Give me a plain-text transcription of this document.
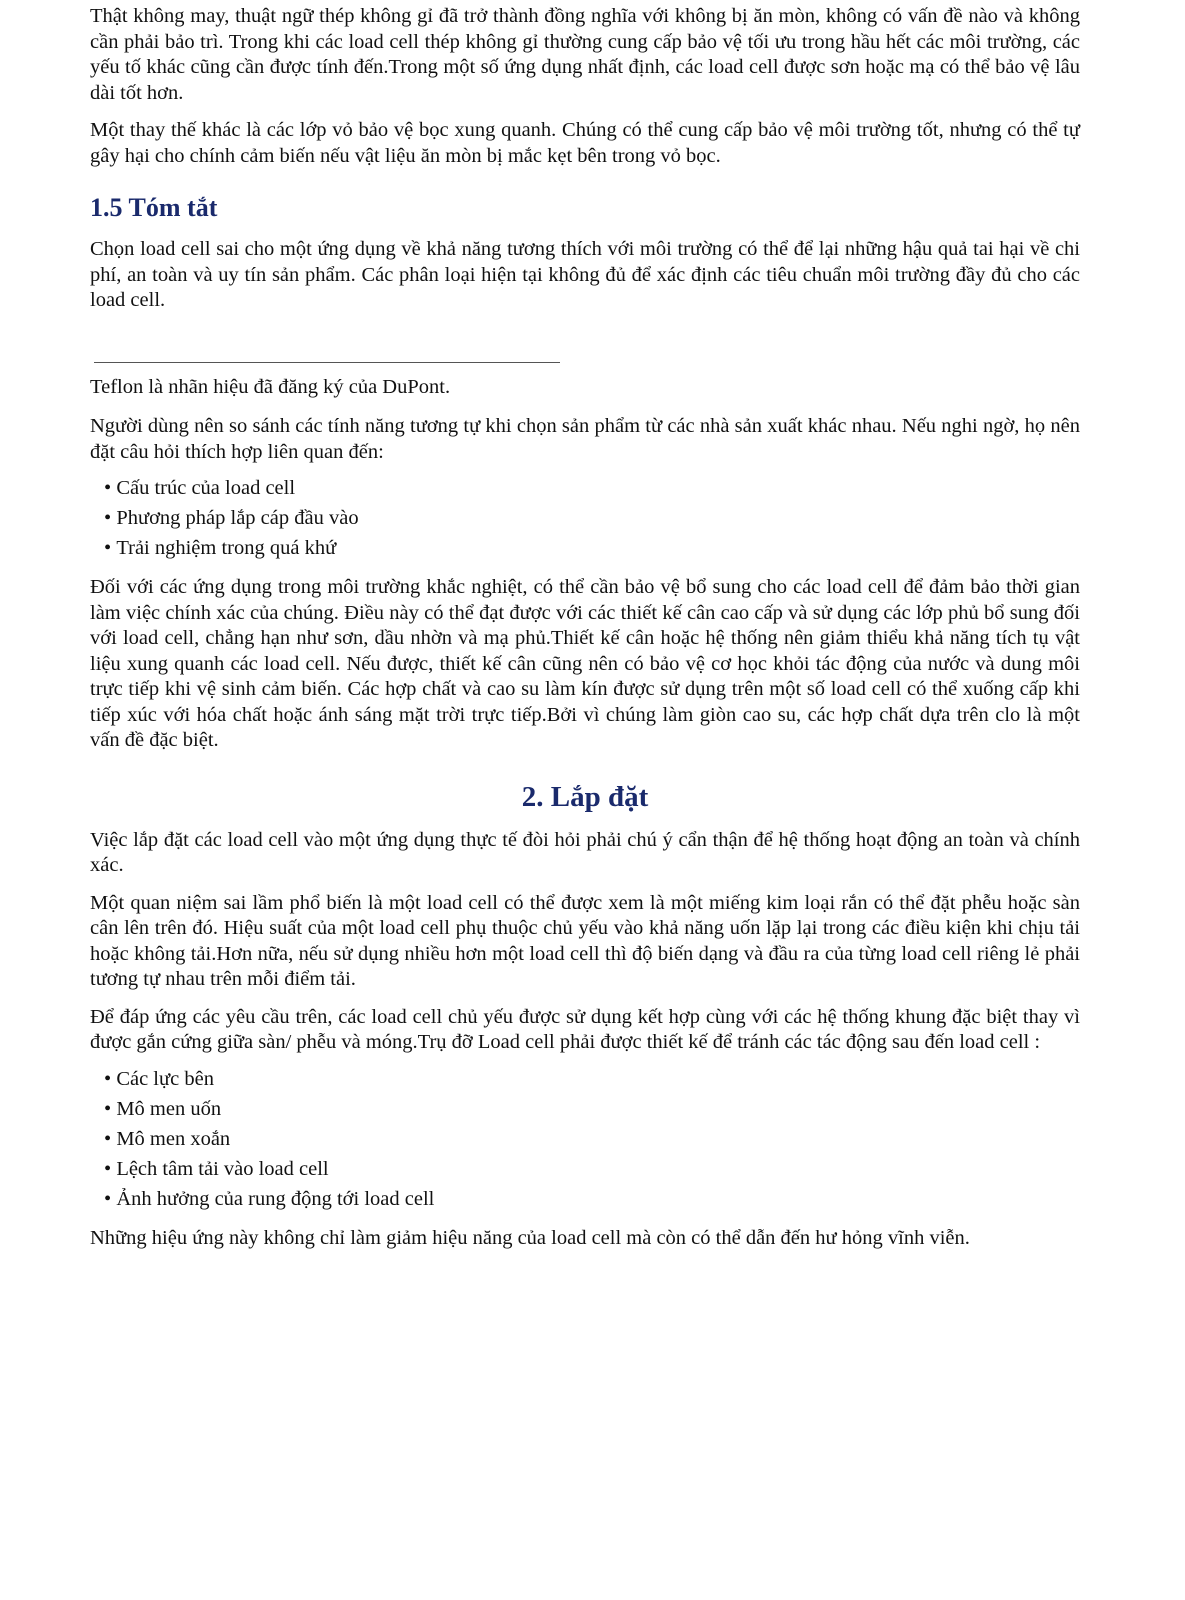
Thật không may, thuật ngữ thép không gỉ đã trở thành đồng nghĩa với không bị ăn mòn, không có vấn đề nào và không cần phải bảo trì. Trong khi các load cell thép không gỉ thường cung cấp bảo vệ tối ưu trong hầu hết các môi trường, các yếu tố khác cũng cần được tính đến.Trong một số ứng dụng nhất định, các load cell được sơn hoặc mạ có thể bảo vệ lâu dài tốt hơn.

Một thay thế khác là các lớp vỏ bảo vệ bọc xung quanh. Chúng có thể cung cấp bảo vệ môi trường tốt, nhưng có thể tự gây hại cho chính cảm biến nếu vật liệu ăn mòn bị mắc kẹt bên trong vỏ bọc.

1.5 Tóm tắt

Chọn load cell sai cho một ứng dụng về khả năng tương thích với môi trường có thể để lại những hậu quả tai hại về chi phí, an toàn và uy tín sản phẩm. Các phân loại hiện tại không đủ để xác định các tiêu chuẩn môi trường đầy đủ cho các load cell.

Teflon là nhãn hiệu đã đăng ký của DuPont.

Người dùng nên so sánh các tính năng tương tự khi chọn sản phẩm từ các nhà sản xuất khác nhau. Nếu nghi ngờ, họ nên đặt câu hỏi thích hợp liên quan đến:

• Cấu trúc của load cell
• Phương pháp lắp cáp đầu vào
• Trải nghiệm trong quá khứ

Đối với các ứng dụng trong môi trường khắc nghiệt, có thể cần bảo vệ bổ sung cho các load cell để đảm bảo thời gian làm việc chính xác của chúng. Điều này có thể đạt được với các thiết kế cân cao cấp và sử dụng các lớp phủ bổ sung đối với load cell, chẳng hạn như sơn, dầu nhờn và mạ phủ.Thiết kế cân hoặc hệ thống nên giảm thiểu khả năng tích tụ vật liệu xung quanh các load cell. Nếu được, thiết kế cân cũng nên có bảo vệ cơ học khỏi tác động của nước và dung môi trực tiếp khi vệ sinh cảm biến. Các hợp chất và cao su làm kín được sử dụng trên một số load cell có thể xuống cấp khi tiếp xúc với hóa chất hoặc ánh sáng mặt trời trực tiếp.Bởi vì chúng làm giòn cao su, các hợp chất dựa trên clo là một vấn đề đặc biệt.

2. Lắp đặt

Việc lắp đặt các load cell vào một ứng dụng thực tế đòi hỏi phải chú ý cẩn thận để hệ thống hoạt động an toàn và chính xác.

Một quan niệm sai lầm phổ biến là một load cell có thể được xem là một miếng kim loại rắn có thể đặt phễu hoặc sàn cân lên trên đó. Hiệu suất của một load cell phụ thuộc chủ yếu vào khả năng uốn lặp lại trong các điều kiện khi chịu tải hoặc không tải.Hơn nữa, nếu sử dụng nhiều hơn một load cell thì độ biến dạng và đầu ra của từng load cell riêng lẻ phải tương tự nhau trên mỗi điểm tải.

Để đáp ứng các yêu cầu trên, các load cell chủ yếu được sử dụng kết hợp cùng với các hệ thống khung đặc biệt thay vì được gắn cứng giữa sàn/ phễu và móng.Trụ đỡ Load cell phải được thiết kế để tránh các tác động sau đến load cell :

• Các lực bên
• Mô men uốn
• Mô men xoắn
• Lệch tâm tải vào load cell
• Ảnh hưởng của rung động tới load cell

Những hiệu ứng này không chỉ làm giảm hiệu năng của load cell mà còn có thể dẫn đến hư hỏng vĩnh viễn.
